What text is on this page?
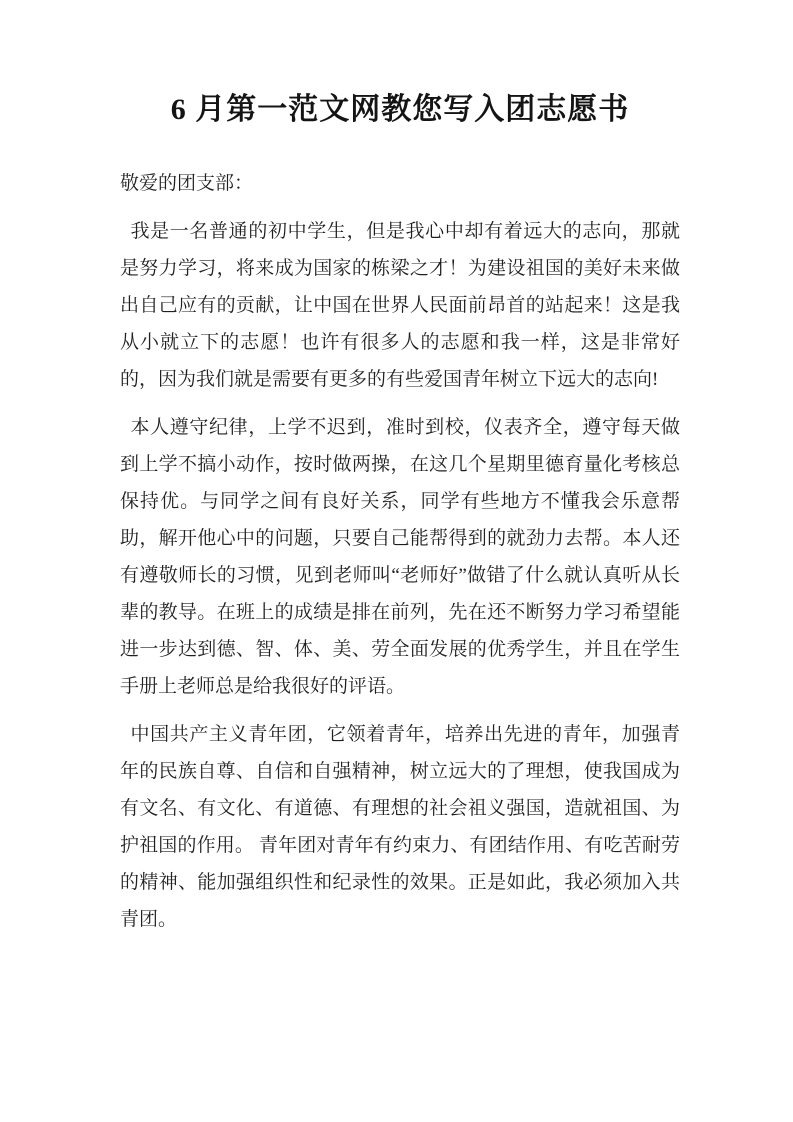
6 月第一范文网教您写入团志愿书

敬爱的团支部：

我是一名普通的初中学生，但是我心中却有着远大的志向，那就是努力学习，将来成为国家的栋梁之才！为建设祖国的美好未来做出自己应有的贡献，让中国在世界人民面前昂首的站起来！这是我从小就立下的志愿！也许有很多人的志愿和我一样，这是非常好的，因为我们就是需要有更多的有些爱国青年树立下远大的志向!

本人遵守纪律，上学不迟到，准时到校，仪表齐全，遵守每天做到上学不搞小动作，按时做两操，在这几个星期里德育量化考核总保持优。与同学之间有良好关系，同学有些地方不懂我会乐意帮助，解开他心中的问题，只要自己能帮得到的就劲力去帮。本人还有遵敬师长的习惯，见到老师叫“老师好”做错了什么就认真听从长辈的教导。在班上的成绩是排在前列，先在还不断努力学习希望能进一步达到德、智、体、美、劳全面发展的优秀学生，并且在学生手册上老师总是给我很好的评语。

中国共产主义青年团，它领着青年，培养出先进的青年，加强青年的民族自尊、自信和自强精神，树立远大的了理想，使我国成为有文名、有文化、有道德、有理想的社会祖义强国，造就祖国、为护祖国的作用。 青年团对青年有约束力、有团结作用、有吃苦耐劳的精神、能加强组织性和纪录性的效果。正是如此，我必须加入共青团。
